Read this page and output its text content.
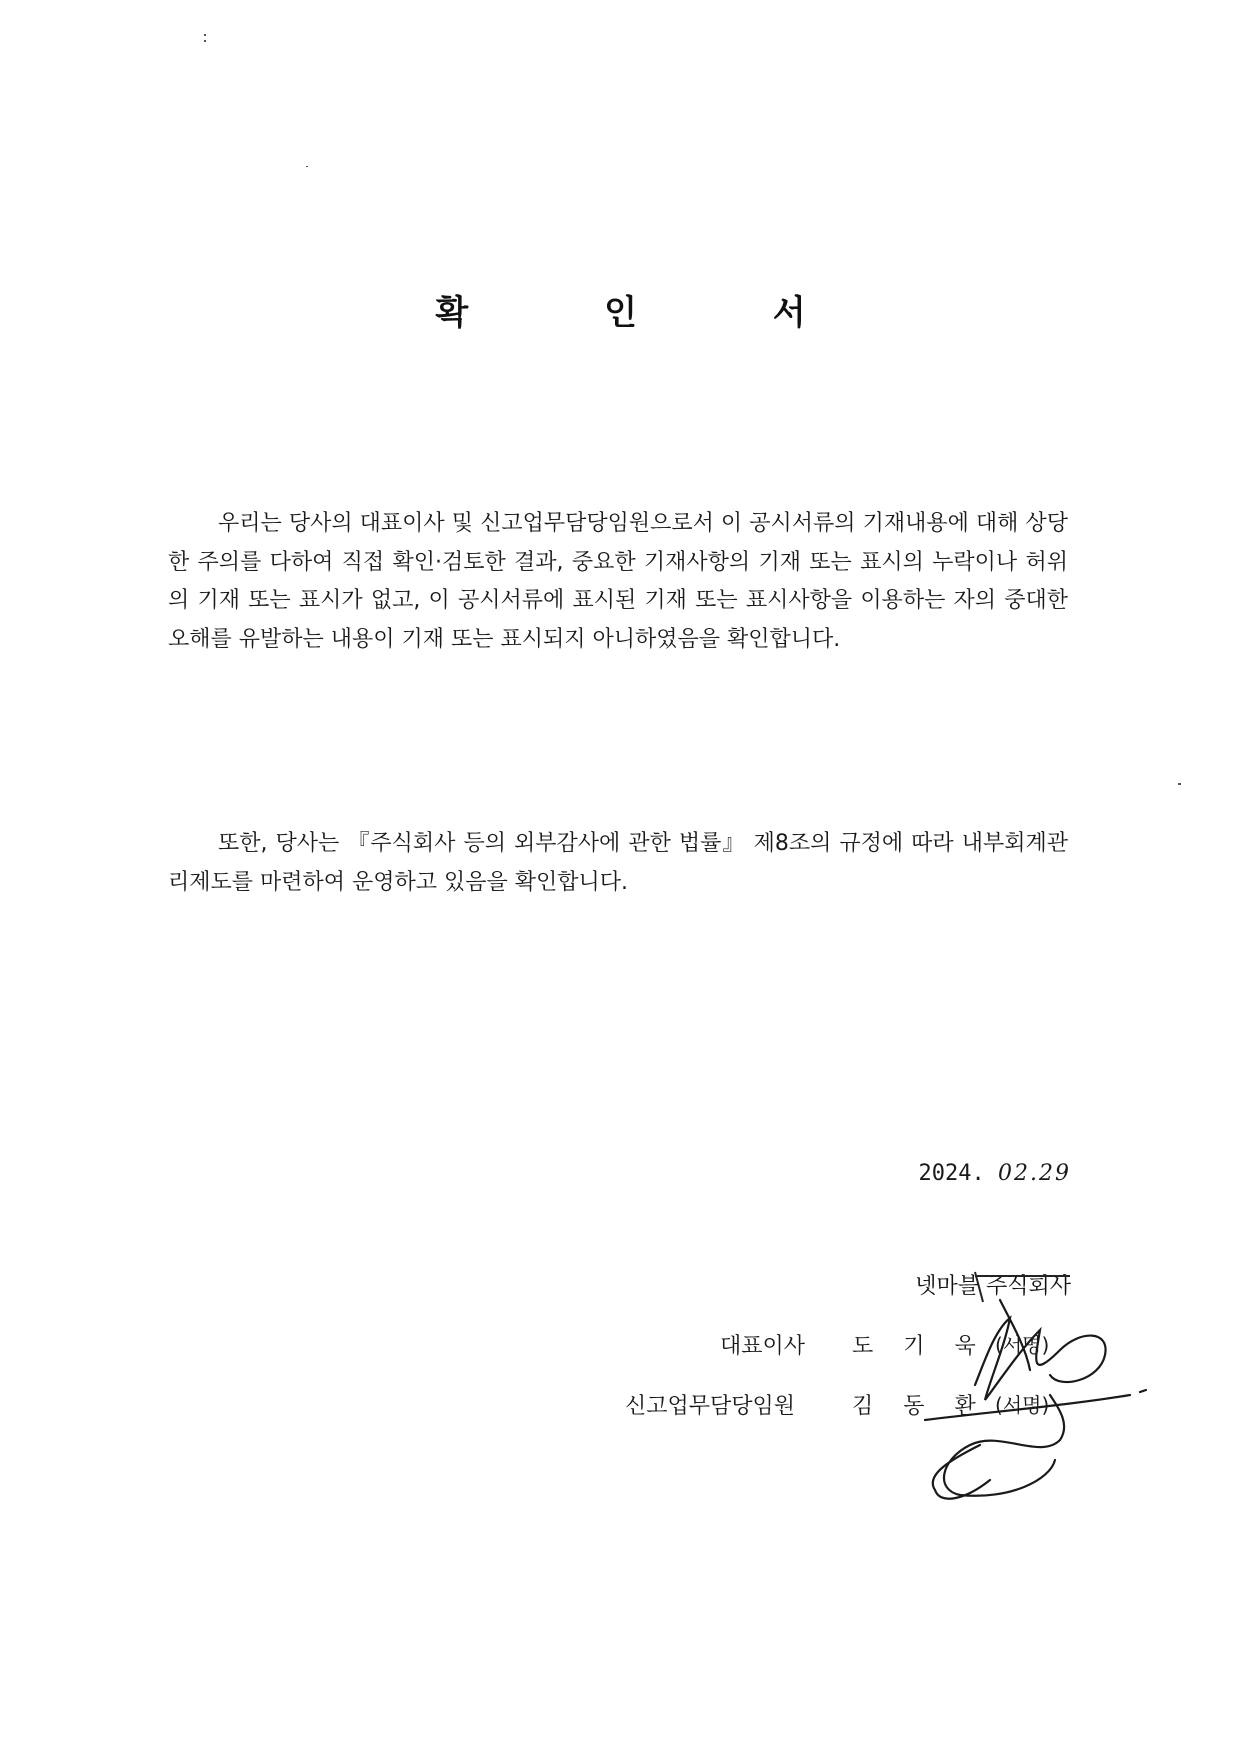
확 인 서

우리는 당사의 대표이사 및 신고업무담당임원으로서 이 공시서류의 기재내용에 대해 상당한 주의를 다하여 직접 확인·검토한 결과, 중요한 기재사항의 기재 또는 표시의 누락이나 허위의 기재 또는 표시가 없고, 이 공시서류에 표시된 기재 또는 표시사항을 이용하는 자의 중대한 오해를 유발하는 내용이 기재 또는 표시되지 아니하였음을 확인합니다.

또한, 당사는 『주식회사 등의 외부감사에 관한 법률』 제8조의 규정에 따라 내부회계관리제도를 마련하여 운영하고 있음을 확인합니다.

2024. 02.29
넷마블 주식회사
대표이사 도기욱
(서명)
신고업무담당임원	김동환
(서명)
